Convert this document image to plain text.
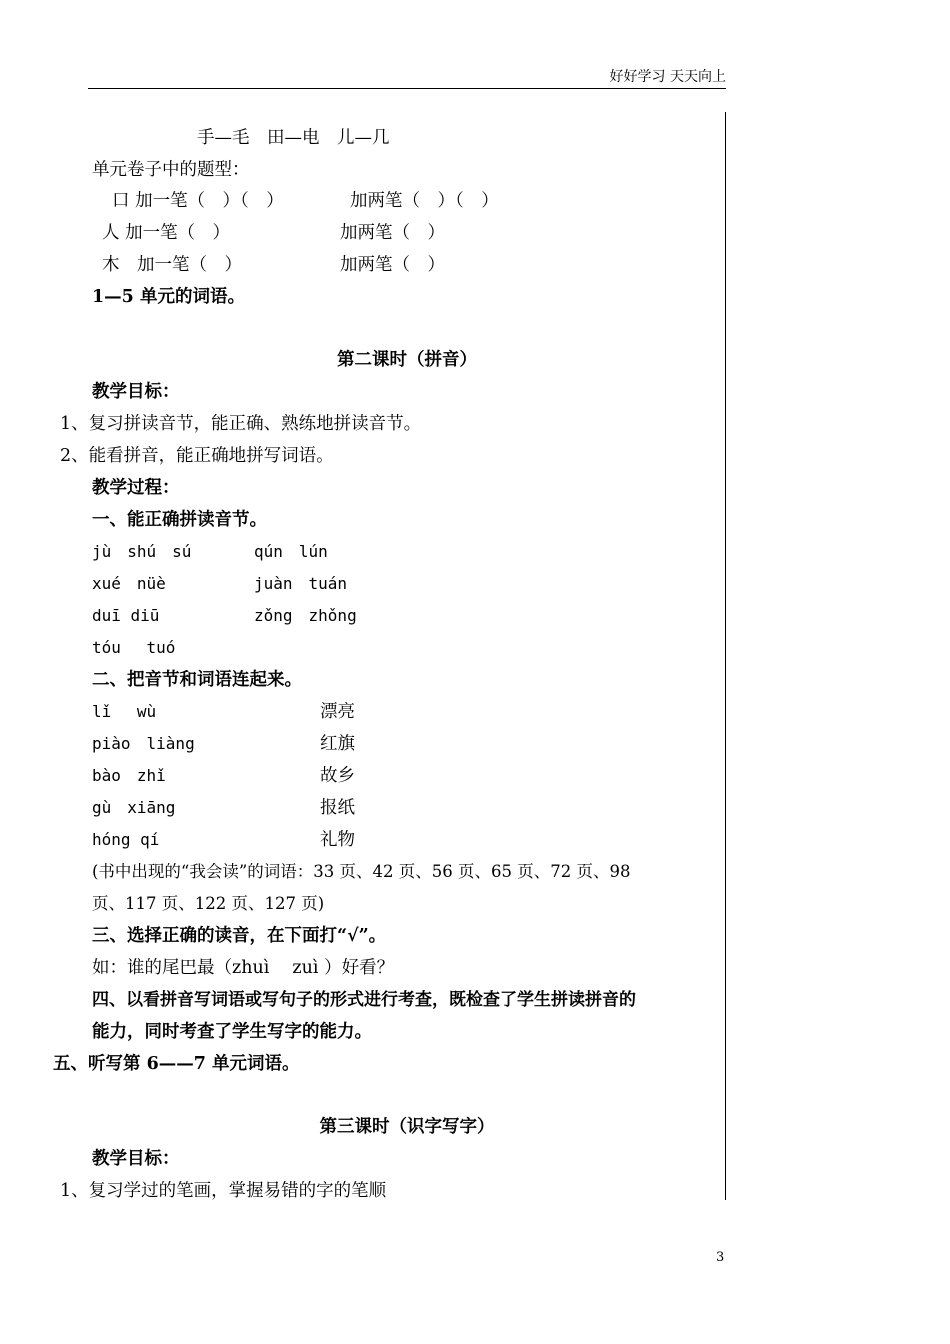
好好学习 天天向上
手—毛　田—电　儿—几
单元卷子中的题型：
口 加一笔（　）（　）	加两笔（　）（　）
人 加一笔（　）	加两笔（　）
木　加一笔（　）	加两笔（　）
1—5 单元的词语。
第二课时（拼音）
教学目标：
1、复习拼读音节，能正确、熟练地拼读音节。
2、能看拼音，能正确地拼写词语。
教学过程：
一、能正确拼读音节。
jù　shú　sú	qún　lún
xué　nüè	juàn　tuán
duī diū	zǒng　zhǒng
tóu　 tuó
二、把音节和词语连起来。
lǐ　 wù	漂亮
piào　liàng	红旗
bào　zhǐ	故乡
gù　xiāng	报纸
hóng qí	礼物
(书中出现的“我会读”的词语：33 页、42 页、56 页、65 页、72 页、98
页、117 页、122 页、127 页)
三、选择正确的读音，在下面打“√”。
如：谁的尾巴最（zhuì　 zuì ）好看？
四、以看拼音写词语或写句子的形式进行考查，既检查了学生拼读拼音的
能力，同时考查了学生写字的能力。
五、听写第 6——7 单元词语。
第三课时（识字写字）
教学目标：
1、复习学过的笔画，掌握易错的字的笔顺
3
